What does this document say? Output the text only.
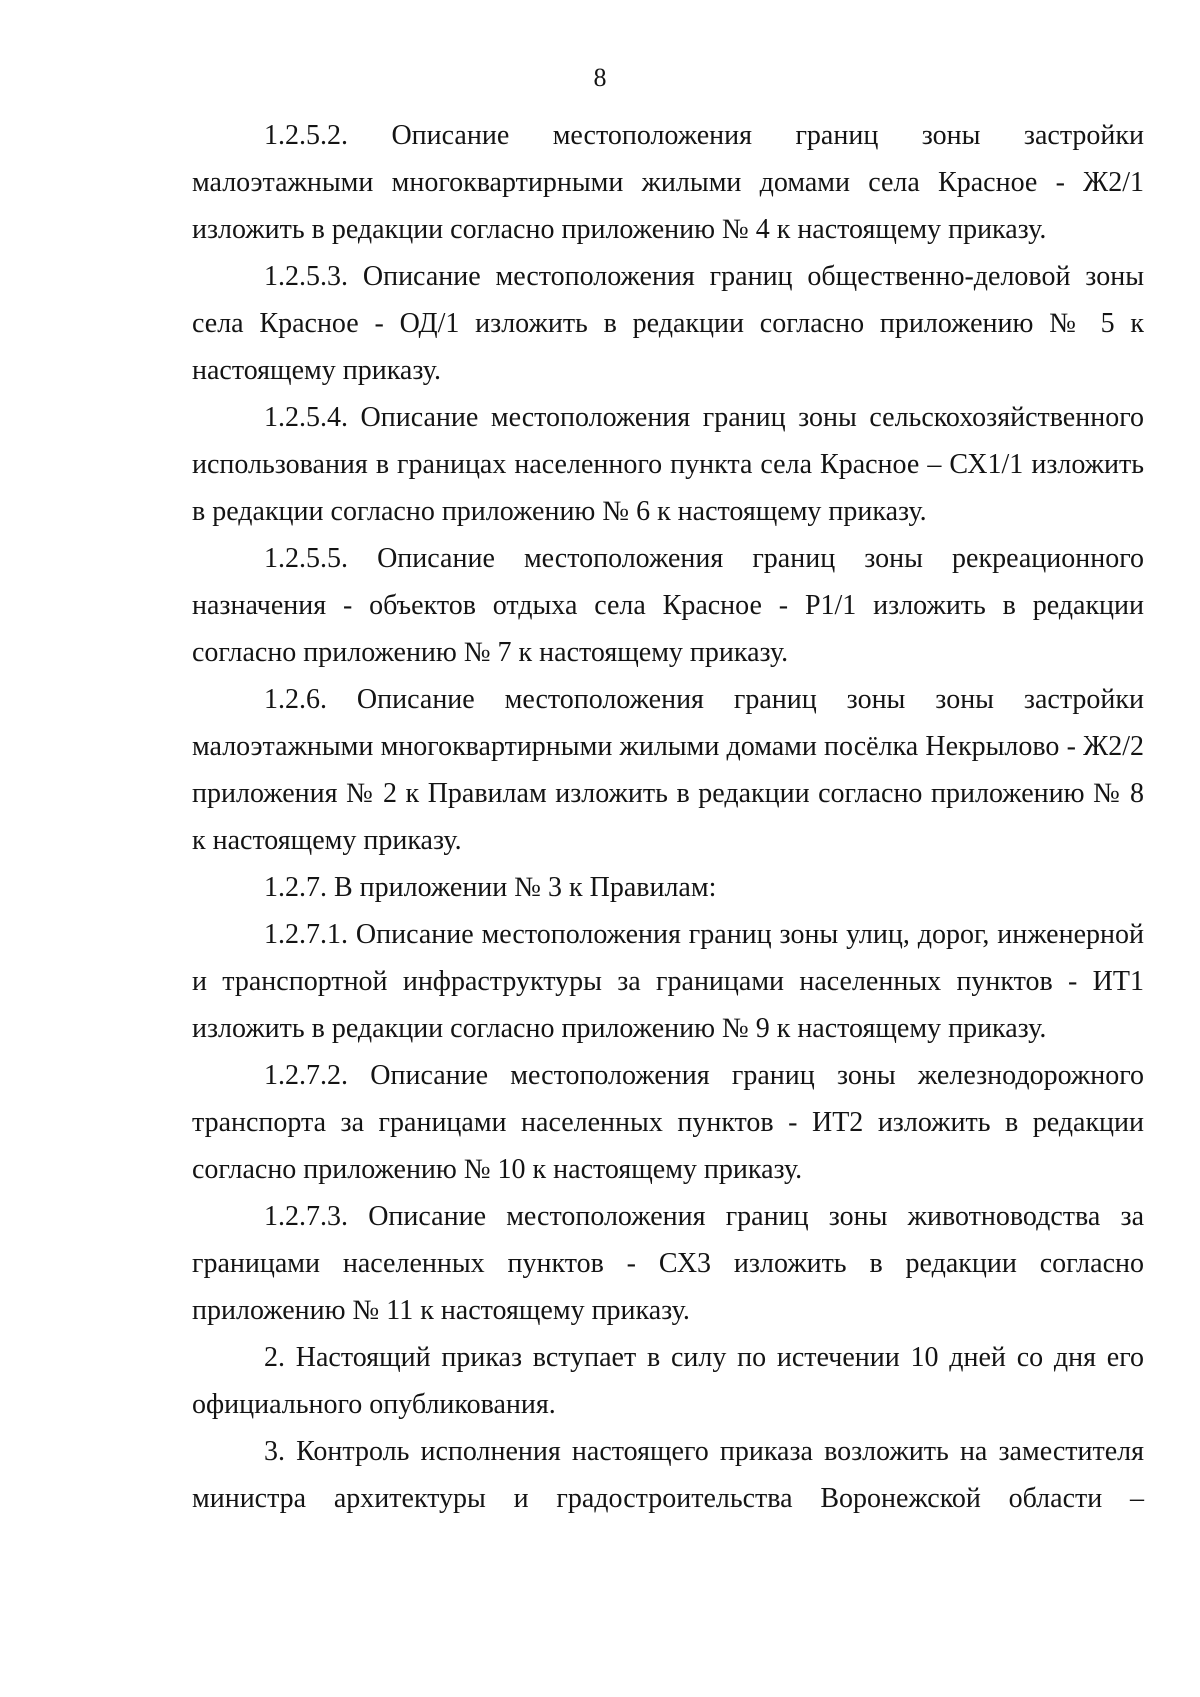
8

1.2.5.2. Описание местоположения границ зоны застройки малоэтажными многоквартирными жилыми домами села Красное - Ж2/1 изложить в редакции согласно приложению № 4 к настоящему приказу.

1.2.5.3. Описание местоположения границ общественно-деловой зоны села Красное - ОД/1 изложить в редакции согласно приложению № 5 к настоящему приказу.

1.2.5.4. Описание местоположения границ зоны сельскохозяйственного использования в границах населенного пункта села Красное – СХ1/1 изложить в редакции согласно приложению № 6 к настоящему приказу.

1.2.5.5. Описание местоположения границ зоны рекреационного назначения - объектов отдыха села Красное - Р1/1 изложить в редакции согласно приложению № 7 к настоящему приказу.

1.2.6. Описание местоположения границ зоны зоны застройки малоэтажными многоквартирными жилыми домами посёлка Некрылово - Ж2/2 приложения № 2 к Правилам изложить в редакции согласно приложению № 8 к настоящему приказу.

1.2.7. В приложении № 3 к Правилам:

1.2.7.1. Описание местоположения границ зоны улиц, дорог, инженерной и транспортной инфраструктуры за границами населенных пунктов - ИТ1 изложить в редакции согласно приложению № 9 к настоящему приказу.

1.2.7.2. Описание местоположения границ зоны железнодорожного транспорта за границами населенных пунктов - ИТ2 изложить в редакции согласно приложению № 10 к настоящему приказу.

1.2.7.3. Описание местоположения границ зоны животноводства за границами населенных пунктов - СХ3 изложить в редакции согласно приложению № 11 к настоящему приказу.

2. Настоящий приказ вступает в силу по истечении 10 дней со дня его официального опубликования.

3. Контроль исполнения настоящего приказа возложить на заместителя министра архитектуры и градостроительства Воронежской области –
